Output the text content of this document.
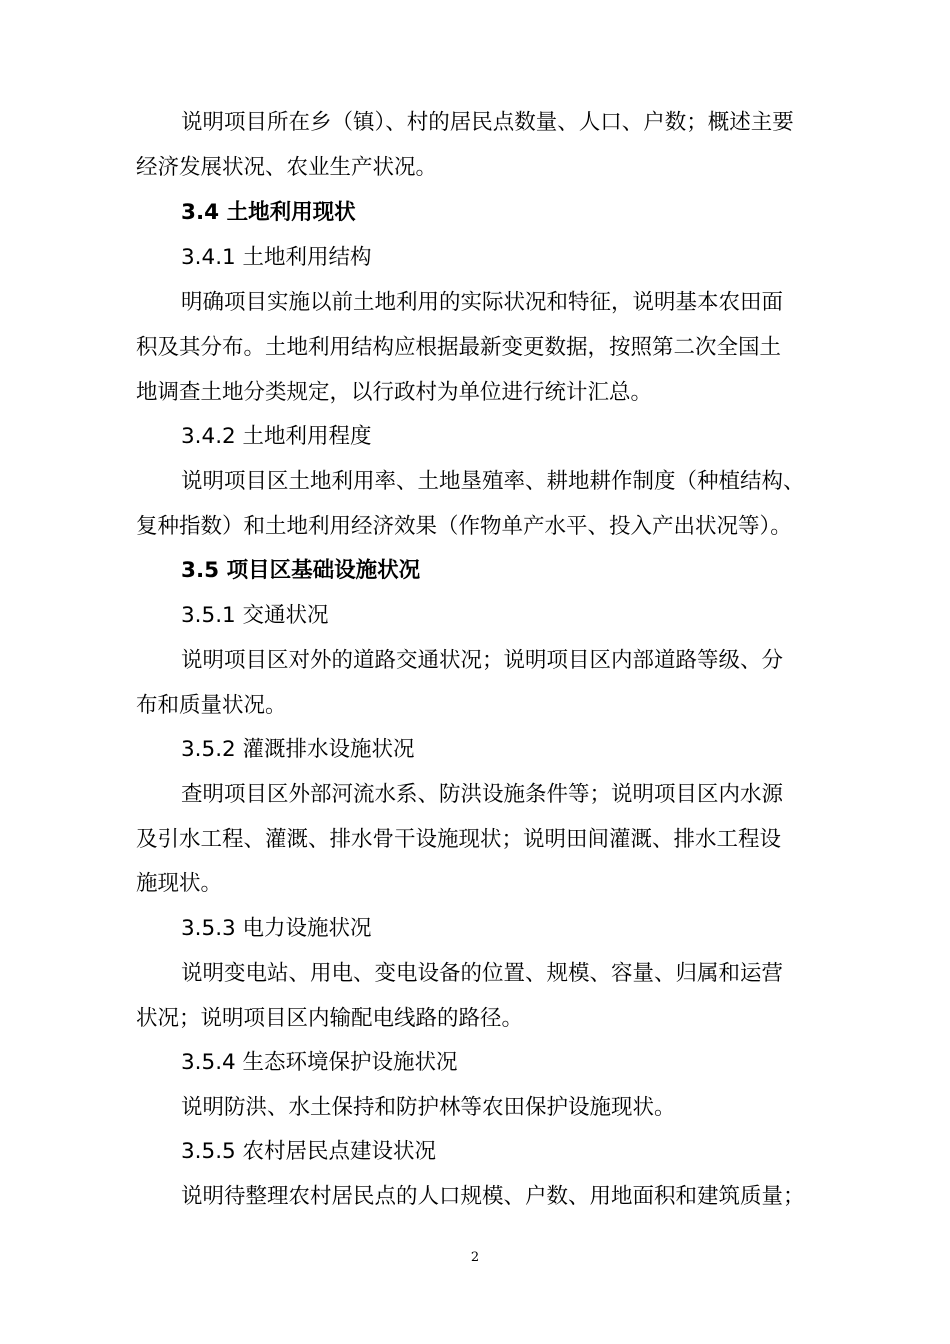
说明项目所在乡（镇）、村的居民点数量、人口、户数；概述主要
经济发展状况、农业生产状况。
3.4 土地利用现状
3.4.1 土地利用结构
明确项目实施以前土地利用的实际状况和特征，说明基本农田面
积及其分布。土地利用结构应根据最新变更数据，按照第二次全国土
地调查土地分类规定，以行政村为单位进行统计汇总。
3.4.2 土地利用程度
说明项目区土地利用率、土地垦殖率、耕地耕作制度（种植结构、
复种指数）和土地利用经济效果（作物单产水平、投入产出状况等）。
3.5 项目区基础设施状况
3.5.1 交通状况
说明项目区对外的道路交通状况；说明项目区内部道路等级、分
布和质量状况。
3.5.2 灌溉排水设施状况
查明项目区外部河流水系、防洪设施条件等；说明项目区内水源
及引水工程、灌溉、排水骨干设施现状；说明田间灌溉、排水工程设
施现状。
3.5.3 电力设施状况
说明变电站、用电、变电设备的位置、规模、容量、归属和运营
状况；说明项目区内输配电线路的路径。
3.5.4 生态环境保护设施状况
说明防洪、水土保持和防护林等农田保护设施现状。
3.5.5 农村居民点建设状况
说明待整理农村居民点的人口规模、户数、用地面积和建筑质量；
2
